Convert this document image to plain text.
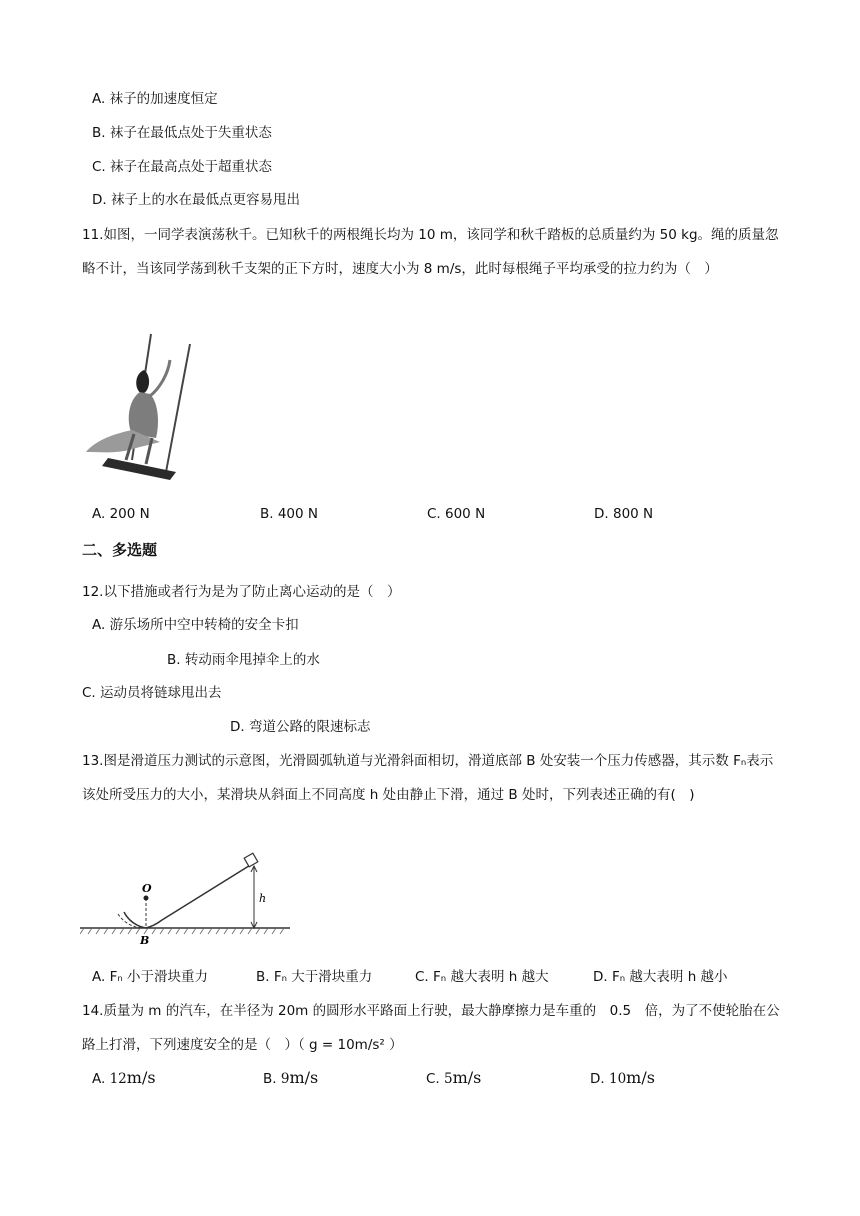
A. 袜子的加速度恒定
B. 袜子在最低点处于失重状态
C. 袜子在最高点处于超重状态
D. 袜子上的水在最低点更容易甩出
11.如图，一同学表演荡秋千。已知秋千的两根绳长均为 10 m，该同学和秋千踏板的总质量约为 50 kg。绳的质量忽略不计，当该同学荡到秋千支架的正下方时，速度大小为 8 m/s，此时每根绳子平均承受的拉力约为（　）
A. 200 N	B. 400 N	C. 600 N	D. 800 N
二、多选题
12.以下措施或者行为是为了防止离心运动的是（　）
A. 游乐场所中空中转椅的安全卡扣
B. 转动雨伞甩掉伞上的水
C. 运动员将链球甩出去
D. 弯道公路的限速标志
13.图是滑道压力测试的示意图，光滑圆弧轨道与光滑斜面相切，滑道底部 B 处安装一个压力传感器，其示数 Fₙ表示该处所受压力的大小，某滑块从斜面上不同高度 h 处由静止下滑，通过 B 处时，下列表述正确的有(　)
O
B
h
A. Fₙ 小于滑块重力	B. Fₙ 大于滑块重力	C. Fₙ 越大表明 h 越大	D. Fₙ 越大表明 h 越小
14.质量为 m 的汽车，在半径为 20m 的圆形水平路面上行驶，最大静摩擦力是车重的　0.5　倍，为了不使轮胎在公路上打滑，下列速度安全的是（　）（ g = 10m/s² ）
A. 12m/s	B. 9m/s	C. 5m/s	D. 10m/s
